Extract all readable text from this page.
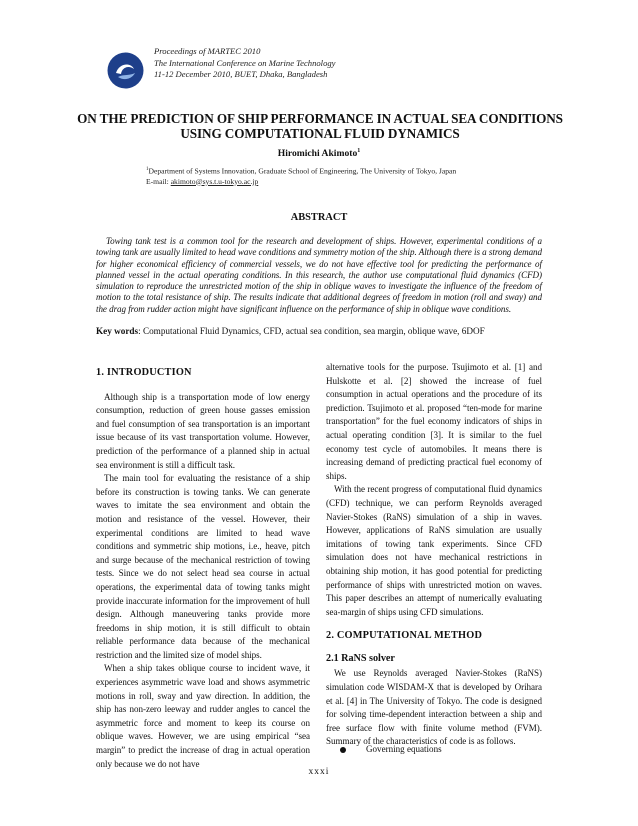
Proceedings of MARTEC 2010
The International Conference on Marine Technology
11-12 December 2010, BUET, Dhaka, Bangladesh
ON THE PREDICTION OF SHIP PERFORMANCE IN ACTUAL SEA CONDITIONS
USING COMPUTATIONAL FLUID DYNAMICS
Hiromichi Akimoto$^1$
$^1$Department of Systems Innovation, Graduate School of Engineering, The University of Tokyo, Japan
E-mail: akimoto@sys.t.u-tokyo.ac.jp
ABSTRACT

Towing tank test is a common tool for the research and development of ships. However, experimental conditions of a towing tank are usually limited to head wave conditions and symmetry motion of the ship. Although there is a strong demand for higher economical efficiency of commercial vessels, we do not have effective tool for predicting the performance of planned vessel in the actual operating conditions. In this research, the author use computational fluid dynamics (CFD) simulation to reproduce the unrestricted motion of the ship in oblique waves to investigate the influence of the freedom of motion to the total resistance of ship. The results indicate that additional degrees of freedom in motion (roll and sway) and the drag from rudder action might have significant influence on the performance of ship in oblique wave conditions.

Key words: Computational Fluid Dynamics, CFD, actual sea condition, sea margin, oblique wave, 6DOF
1. INTRODUCTION

Although ship is a transportation mode of low energy consumption, reduction of green house gasses emission and fuel consumption of sea transportation is an important issue because of its vast transportation volume. However, prediction of the performance of a planned ship in actual sea environment is still a difficult task.

The main tool for evaluating the resistance of a ship before its construction is towing tanks. We can generate waves to imitate the sea environment and obtain the motion and resistance of the vessel. However, their experimental conditions are limited to head wave conditions and symmetric ship motions, i.e., heave, pitch and surge because of the mechanical restriction of towing tests. Since we do not select head sea course in actual operations, the experimental data of towing tanks might provide inaccurate information for the improvement of hull design. Although maneuvering tanks provide more freedoms in ship motion, it is still difficult to obtain reliable performance data because of the mechanical restriction and the limited size of model ships.

When a ship takes oblique course to incident wave, it experiences asymmetric wave load and shows asymmetric motions in roll, sway and yaw direction. In addition, the ship has non-zero leeway and rudder angles to cancel the asymmetric force and moment to keep its course on oblique waves. However, we are using empirical “sea margin” to predict the increase of drag in actual operation only because we do not have

alternative tools for the purpose. Tsujimoto et al. [1] and Hulskotte et al. [2] showed the increase of fuel consumption in actual operations and the procedure of its prediction. Tsujimoto et al. proposed “ten-mode for marine transportation” for the fuel economy indicators of ships in actual operating condition [3]. It is similar to the fuel economy test cycle of automobiles. It means there is increasing demand of predicting practical fuel economy of ships.

With the recent progress of computational fluid dynamics (CFD) technique, we can perform Reynolds averaged Navier-Stokes (RaNS) simulation of a ship in waves. However, applications of RaNS simulation are usually imitations of towing tank experiments. Since CFD simulation does not have mechanical restrictions in obtaining ship motion, it has good potential for predicting performance of ships with unrestricted motion on waves. This paper describes an attempt of numerically evaluating sea-margin of ships using CFD simulations.

2. COMPUTATIONAL METHOD
2.1 RaNS solver

We use Reynolds averaged Navier-Stokes (RaNS) simulation code WISDAM-X that is developed by Orihara et al. [4] in The University of Tokyo. The code is designed for solving time-dependent interaction between a ship and free surface flow with finite volume method (FVM). Summary of the characteristics of code is as follows.

Governing equations
xxxi
